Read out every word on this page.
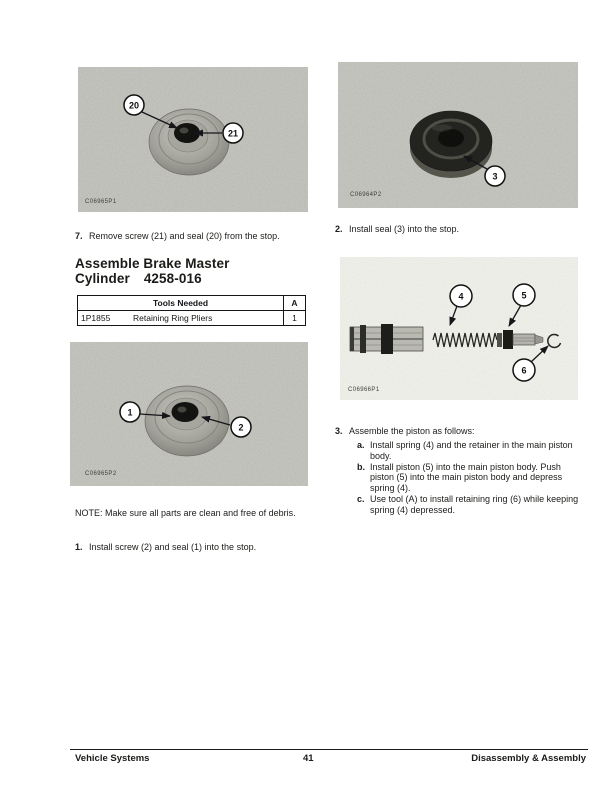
20
21
C06965P1
7. Remove screw (21) and seal (20) from the stop.
Assemble Brake Master
Cylinder 4258-016
Tools Needed		A
1P1855	Retaining Ring Pliers	1
1
2
C06965P2
NOTE: Make sure all parts are clean and free of debris.
1. Install screw (2) and seal (1) into the stop.
3
C06964P2
2. Install seal (3) into the stop.
4	5
6
C06966P1
3. Assemble the piston as follows:
a. Install spring (4) and the retainer in the main piston body.
b. Install piston (5) into the main piston body. Push piston (5) into the main piston body and depress spring (4).
c. Use tool (A) to install retaining ring (6) while keeping spring (4) depressed.
Vehicle Systems	41	Disassembly & Assembly
